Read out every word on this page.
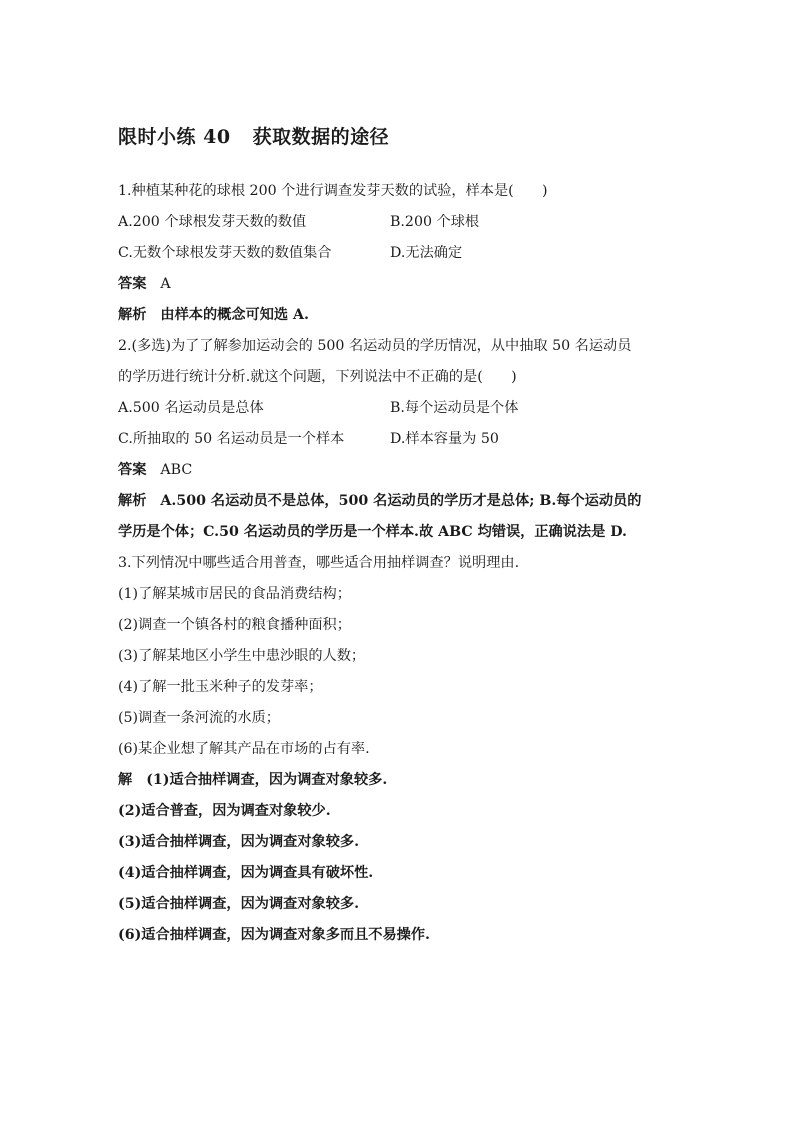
限时小练 40 获取数据的途径
1.种植某种花的球根 200 个进行调查发芽天数的试验，样本是(　　)
A.200 个球根发芽天数的数值	B.200 个球根
C.无数个球根发芽天数的数值集合	D.无法确定
答案 A
解析 由样本的概念可知选 A.
2.(多选)为了了解参加运动会的 500 名运动员的学历情况，从中抽取 50 名运动员
的学历进行统计分析.就这个问题，下列说法中不正确的是(　　)
A.500 名运动员是总体	B.每个运动员是个体
C.所抽取的 50 名运动员是一个样本	D.样本容量为 50
答案 ABC
解析 A.500 名运动员不是总体，500 名运动员的学历才是总体; B.每个运动员的
学历是个体；C.50 名运动员的学历是一个样本.故 ABC 均错误，正确说法是 D.
3.下列情况中哪些适合用普查，哪些适合用抽样调查？说明理由.
(1)了解某城市居民的食品消费结构；
(2)调查一个镇各村的粮食播种面积；
(3)了解某地区小学生中患沙眼的人数；
(4)了解一批玉米种子的发芽率；
(5)调查一条河流的水质；
(6)某企业想了解其产品在市场的占有率.
解 (1)适合抽样调查，因为调查对象较多.
(2)适合普查，因为调查对象较少.
(3)适合抽样调查，因为调查对象较多.
(4)适合抽样调查，因为调查具有破坏性.
(5)适合抽样调查，因为调查对象较多.
(6)适合抽样调查，因为调查对象多而且不易操作.
